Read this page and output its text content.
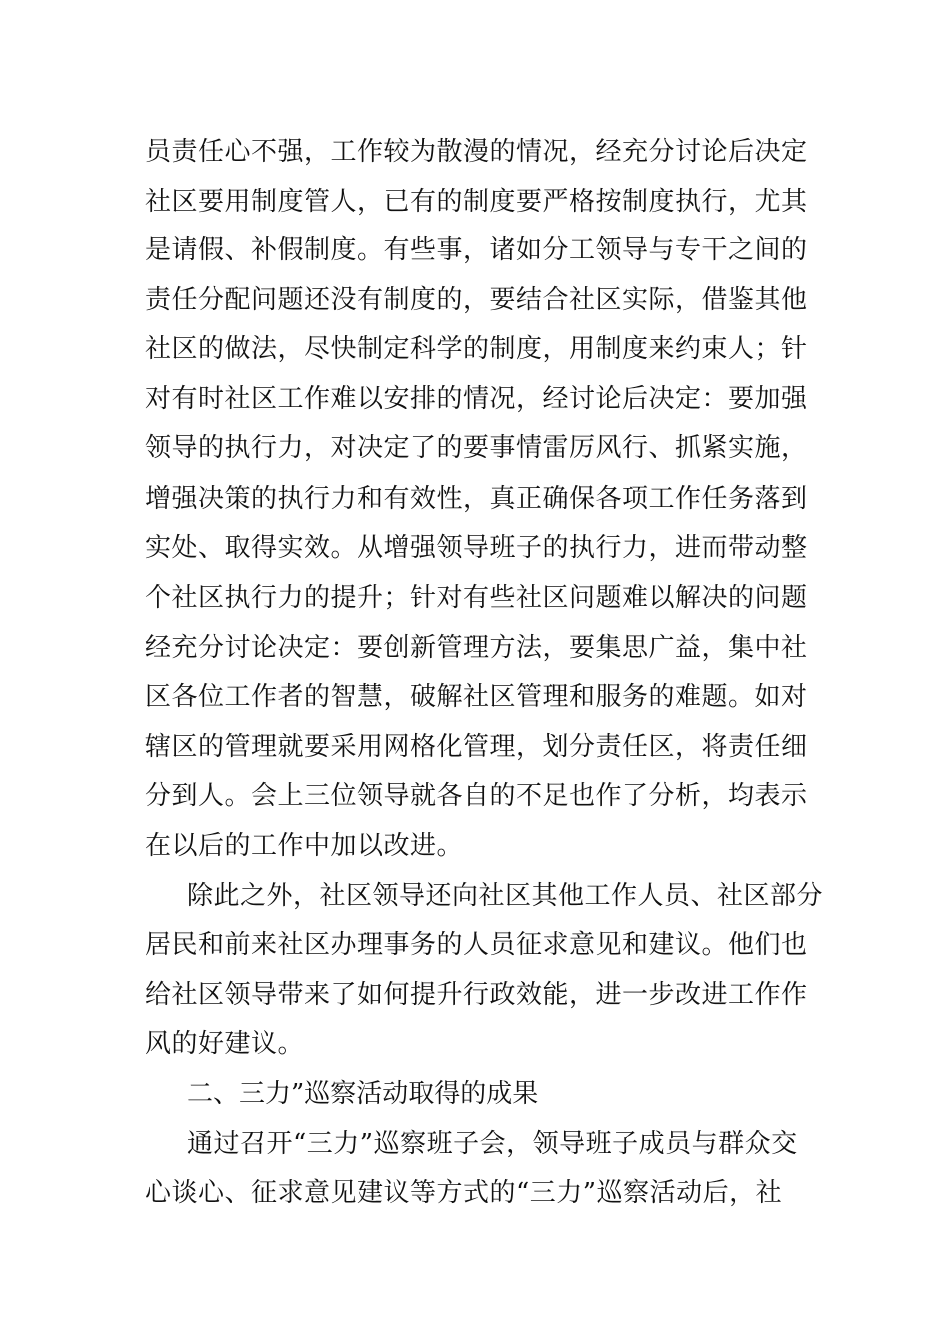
员责任心不强，工作较为散漫的情况，经充分讨论后决定
社区要用制度管人，已有的制度要严格按制度执行，尤其
是请假、补假制度。有些事，诸如分工领导与专干之间的
责任分配问题还没有制度的，要结合社区实际，借鉴其他
社区的做法，尽快制定科学的制度，用制度来约束人；针
对有时社区工作难以安排的情况，经讨论后决定：要加强
领导的执行力，对决定了的要事情雷厉风行、抓紧实施，
增强决策的执行力和有效性，真正确保各项工作任务落到
实处、取得实效。从增强领导班子的执行力，进而带动整
个社区执行力的提升；针对有些社区问题难以解决的问题
经充分讨论决定：要创新管理方法，要集思广益，集中社
区各位工作者的智慧，破解社区管理和服务的难题。如对
辖区的管理就要采用网格化管理，划分责任区，将责任细
分到人。会上三位领导就各自的不足也作了分析，均表示
在以后的工作中加以改进。
除此之外，社区领导还向社区其他工作人员、社区部分
居民和前来社区办理事务的人员征求意见和建议。他们也
给社区领导带来了如何提升行政效能，进一步改进工作作
风的好建议。
二、三力”巡察活动取得的成果
通过召开“三力”巡察班子会，领导班子成员与群众交
心谈心、征求意见建议等方式的“三力”巡察活动后，社
